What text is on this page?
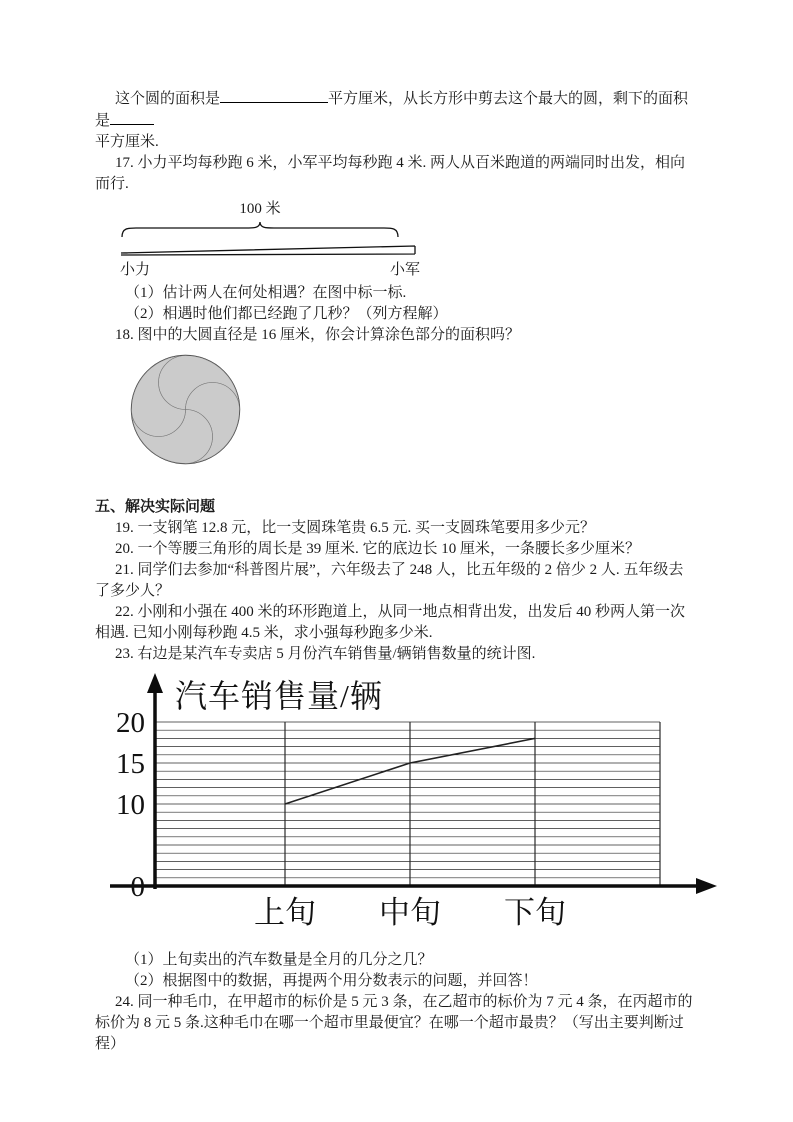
这个圆的面积是	平方厘米，从长方形中剪去这个最大的圆，剩下的面积是

平方厘米.

17. 小力平均每秒跑 6 米，小军平均每秒跑 4 米. 两人从百米跑道的两端同时出发，相向而行.

100 米
小力	小军

（1）估计两人在何处相遇？在图中标一标.

（2）相遇时他们都已经跑了几秒？（列方程解）

18. 图中的大圆直径是 16 厘米，你会计算涂色部分的面积吗？

五、解决实际问题

19. 一支钢笔 12.8 元，比一支圆珠笔贵 6.5 元. 买一支圆珠笔要用多少元？

20. 一个等腰三角形的周长是 39 厘米. 它的底边长 10 厘米，一条腰长多少厘米？

21. 同学们去参加“科普图片展”，六年级去了 248 人，比五年级的 2 倍少 2 人. 五年级去了多少人？

22. 小刚和小强在 400 米的环形跑道上，从同一地点相背出发，出发后 40 秒两人第一次相遇. 已知小刚每秒跑 4.5 米，求小强每秒跑多少米.

23. 右边是某汽车专卖店 5 月份汽车销售量/辆销售数量的统计图.

汽车销售量/辆
20
15
10
0
上旬 中旬 下旬

（1）上旬卖出的汽车数量是全月的几分之几？

（2）根据图中的数据，再提两个用分数表示的问题，并回答！

24. 同一种毛巾，在甲超市的标价是 5 元 3 条，在乙超市的标价为 7 元 4 条，在丙超市的标价为 8 元 5 条.这种毛巾在哪一个超市里最便宜？在哪一个超市最贵？（写出主要判断过程）
